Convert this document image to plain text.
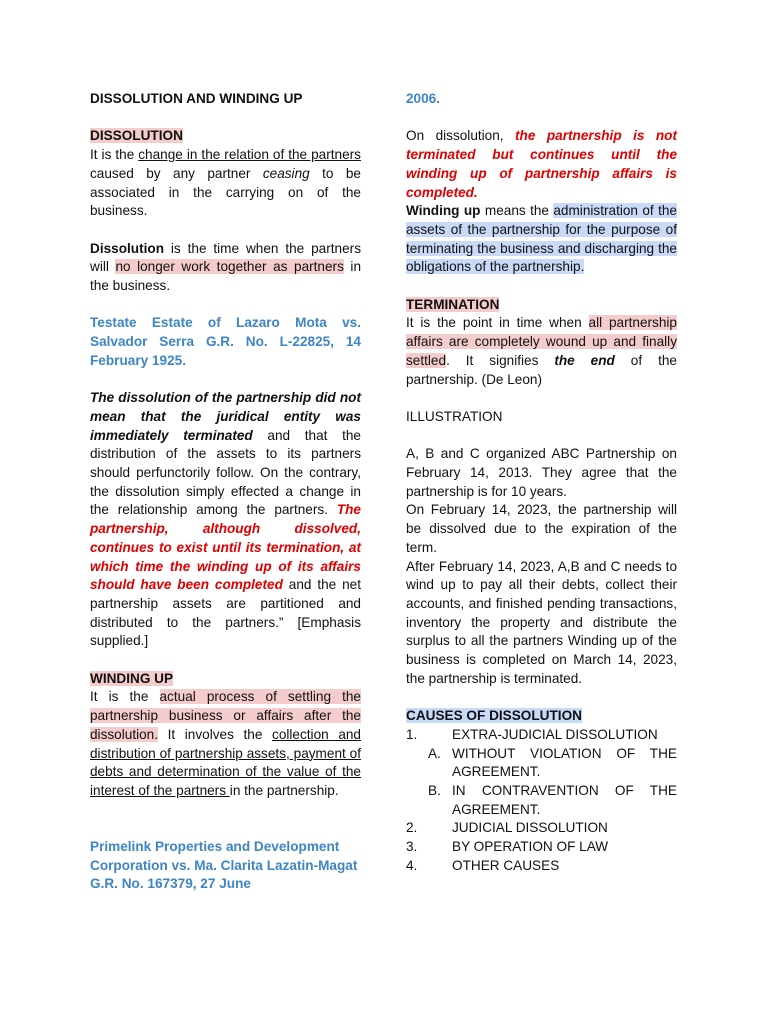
DISSOLUTION AND WINDING UP

DISSOLUTION

It is the change in the relation of the partners caused by any partner ceasing to be associated in the carrying on of the business.

Dissolution is the time when the partners will no longer work together as partners in the business.

Testate Estate of Lazaro Mota vs. Salvador Serra G.R. No. L-22825, 14 February 1925.

The dissolution of the partnership did not mean that the juridical entity was immediately terminated and that the distribution of the assets to its partners should perfunctorily follow. On the contrary, the dissolution simply effected a change in the relationship among the partners. The partnership, although dissolved, continues to exist until its termination, at which time the winding up of its affairs should have been completed and the net partnership assets are partitioned and distributed to the partners.” [Emphasis supplied.]

WINDING UP

It is the actual process of settling the partnership business or affairs after the dissolution. It involves the collection and distribution of partnership assets, payment of debts and determination of the value of the interest of the partners in the partnership.

Primelink Properties and Development Corporation vs. Ma. Clarita Lazatin-Magat G.R. No. 167379, 27 June

2006.

On dissolution, the partnership is not terminated but continues until the winding up of partnership affairs is completed.

Winding up means the administration of the assets of the partnership for the purpose of terminating the business and discharging the obligations of the partnership.

TERMINATION

It is the point in time when all partnership affairs are completely wound up and finally settled. It signifies the end of the partnership. (De Leon)

ILLUSTRATION

A, B and C organized ABC Partnership on February 14, 2013. They agree that the partnership is for 10 years.

On February 14, 2023, the partnership will be dissolved due to the expiration of the term.

After February 14, 2023, A,B and C needs to wind up to pay all their debts, collect their accounts, and finished pending transactions, inventory the property and distribute the surplus to all the partners Winding up of the business is completed on March 14, 2023, the partnership is terminated.

CAUSES OF DISSOLUTION

1.	EXTRA-JUDICIAL DISSOLUTION
A. WITHOUT VIOLATION OF THE AGREEMENT.
B. IN CONTRAVENTION OF THE AGREEMENT.
2.	JUDICIAL DISSOLUTION
3.	BY OPERATION OF LAW
4.	OTHER CAUSES
